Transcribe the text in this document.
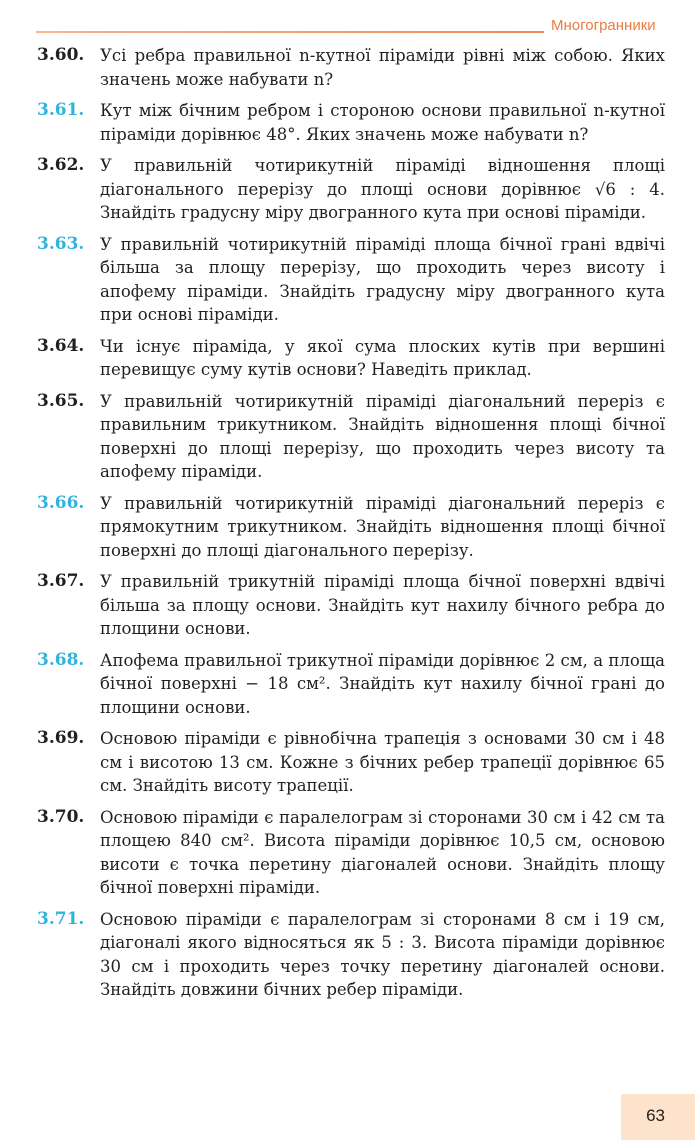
Многогранники
3.60. Усі ребра правильної n-кутної піраміди рівні між собою. Яких значень може набувати n?
3.61. Кут між бічним ребром і стороною основи правильної n-кутної піраміди дорівнює 48°. Яких значень може набувати n?
3.62. У правильній чотирикутній піраміді відношення площі діагонального перерізу до площі основи дорівнює √6 : 4. Знайдіть градусну міру двогранного кута при основі піраміди.
3.63. У правильній чотирикутній піраміді площа бічної грані вдвічі більша за площу перерізу, що проходить через висоту і апофему піраміди. Знайдіть градусну міру двогранного кута при основі піраміди.
3.64. Чи існує піраміда, у якої сума плоских кутів при вершині перевищує суму кутів основи? Наведіть приклад.
3.65. У правильній чотирикутній піраміді діагональний переріз є правильним трикутником. Знайдіть відношення площі бічної поверхні до площі перерізу, що проходить через висоту та апофему піраміди.
3.66. У правильній чотирикутній піраміді діагональний переріз є прямокутним трикутником. Знайдіть відношення площі бічної поверхні до площі діагонального перерізу.
3.67. У правильній трикутній піраміді площа бічної поверхні вдвічі більша за площу основи. Знайдіть кут нахилу бічного ребра до площини основи.
3.68. Апофема правильної трикутної піраміди дорівнює 2 см, а площа бічної поверхні − 18 см². Знайдіть кут нахилу бічної грані до площини основи.
3.69. Основою піраміди є рівнобічна трапеція з основами 30 см і 48 см і висотою 13 см. Кожне з бічних ребер трапеції дорівнює 65 см. Знайдіть висоту трапеції.
3.70. Основою піраміди є паралелограм зі сторонами 30 см і 42 см та площею 840 см². Висота піраміди дорівнює 10,5 см, основою висоти є точка перетину діагоналей основи. Знайдіть площу бічної поверхні піраміди.
3.71. Основою піраміди є паралелограм зі сторонами 8 см і 19 см, діагоналі якого відносяться як 5 : 3. Висота піраміди дорівнює 30 см і проходить через точку перетину діагоналей основи. Знайдіть довжини бічних ребер піраміди.
63
